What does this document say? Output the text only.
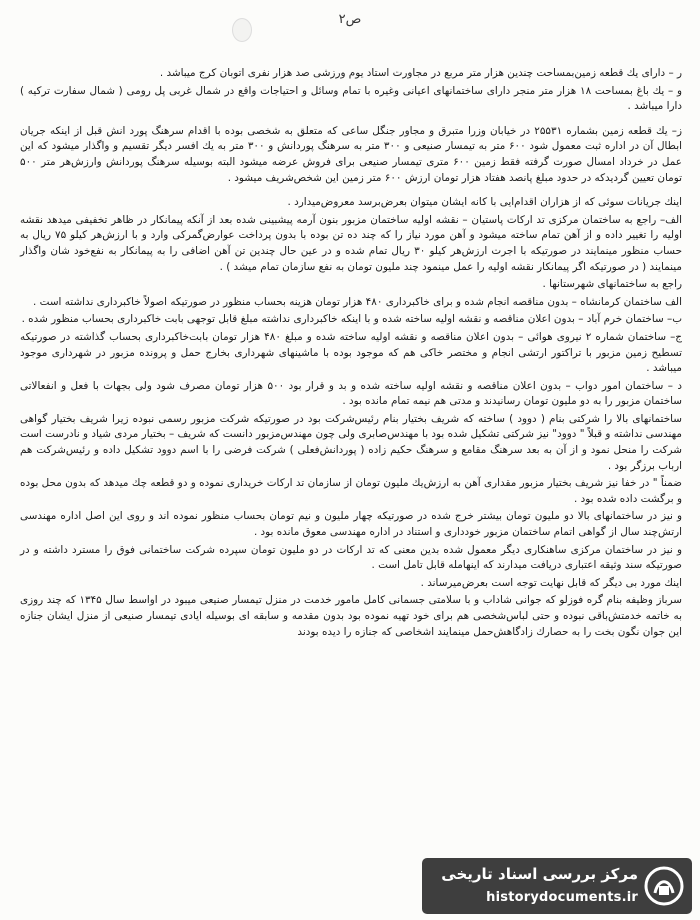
ص۲

ر – دارای یك قطعه زمین‌بمساحت چندین هزار متر مربع در مجاورت استاد یوم ورزشی صد هزار نفری اتوبان کرج میباشد .

و – یك باغ بمساحت ۱۸ هزار متر منجر دارای ساختمانهای اعیانی وغیره با تمام وسائل و احتیاجات واقع در شمال غربی پل رومی ( شمال سفارت ترکیه ) دارا میباشد .

ز– یك قطعه زمین بشماره ۲۵۵۳۱ در خیابان وزرا متبرق و مجاور جنگل ساعی که متعلق به شخصی بوده با اقدام سرهنگ پورد انش قبل از اینکه جریان ابطال آن در اداره ثبت معمول شود ۶۰۰ متر به تیمسار صنیعی و ۳۰۰ متر به سرهنگ پوردانش و ۳۰۰ متر به یك افسر دیگر تقسیم و واگذار میشود که این عمل در خرداد امسال صورت گرفته فقط زمین ۶۰۰ متری تیمسار صنیعی برای فروش عرضه میشود البته بوسیله سرهنگ پوردانش وارزش‌هر متر ۵۰۰ تومان تعیین گردید‌که در حدود مبلغ پانصد هفتاد هزار تومان ارزش ۶۰۰ متر زمین این شخص‌شریف میشود .

اینك جریانات سوئی که از هزاران اقدام‌ایی با کانه ایشان میتوان بعرض‌برسد معروض‌میدارد .

الف– راجع به ساختمان مرکزی تد ارکات پاستیان – نقشه اولیه ساختمان مزبور بنون آرمه پیشبینی شده بعد از آنکه پیمانکار در ظاهر تخفیفی میدهد نقشه اولیه را تغییر داده و از آهن تمام ساخته میشود و آهن مورد نیاز را که چند ده تن بوده با بدون پرداخت عوارض‌گمرکی وارد و با ارزش‌هر کیلو ۷۵ ریال به حساب منظور مینمایند در صورتیکه با اجرت ارزش‌هر کیلو ۳۰ ریال تمام شده و در عین حال چندین تن آهن اضافی را به پیمانکار به نفع‌خود شان واگذار مینمایند ( در صورتیکه اگر پیمانکار نقشه اولیه را عمل مینمود چند ملیون تومان به نفع سازمان تمام میشد ) .

راجع به ساختمانهای شهرستانها .

الف ساختمان کرمانشاه – بدون مناقصه انجام شده و برای خاکبرداری ۴۸۰ هزار تومان هزینه بحساب منظور در صورتیکه اصولاً خاکبرداری نداشته است .

ب– ساختمان خرم آباد – بدون اعلان مناقصه و نقشه اولیه ساخته شده و با اینکه خاکبرداری نداشته مبلغ قابل توجهی بابت خاکبرداری بحساب منظور شده .

ج– ساختمان شماره ۲ نیروی هوائی – بدون اعلان مناقصه و نقشه اولیه ساخته شده و مبلغ ۴۸۰ هزار تومان بابت‌خاکبرداری بحساب گذاشته در صورتیکه تسطیح زمین مزبور با تراکتور ارتشی انجام و مختصر خاکی هم که موجود بوده با ماشینهای شهرداری بخارج حمل و پرونده مزبور در شهرداری موجود میباشد .

د – ساختمان امور دواب – بدون اعلان مناقصه و نقشه اولیه ساخته شده و بد و قرار بود ۵۰۰ هزار تومان مصرف شود ولی بجهات با فعل و انفعالاتی ساختمان مزبور را به دو ملیون تومان رسانیدند و مدتی هم نیمه تمام مانده بود .

ساختمانهای بالا را شرکتی بنام ( دوود ) ساخته که شریف بختیار بنام رئیس‌شرکت بود در صورتیکه شرکت مزبور رسمی نبوده زیرا شریف بختیار گواهی مهندسی نداشته و قبلاً " دوود" نیز شرکتی تشکیل شده بود با مهندس‌صابری ولی چون مهندس‌مزبور دانست که شریف – بختیار مردی شیاد و نادرست است شرکت را منحل نمود و از آن به بعد سرهنگ مقامع و سرهنگ حکیم زاده ( پوردانش‌فعلی ) شرکت فرضی را با اسم دوود تشکیل داده و رئیس‌شرکت هم ارباب برزگر بود .

ضمناً " در خفا نیز شریف بختیار مزبور مقداری آهن به ارزش‌یك ملیون تومان از سازمان تد ارکات خریداری نموده و دو قطعه چك میدهد که بدون محل بوده و برگشت داده شده بود .

و نیز در ساختمانهای بالا دو ملیون تومان بیشتر خرج شده در صورتیکه چهار ملیون و نیم تومان بحساب منظور نموده اند و روی این اصل اداره مهندسی ارتش‌چند سال از گواهی اتمام ساختمان مزبور خودداری و استناد در اداره مهندسی معوق مانده بود .

و نیز در ساختمان مرکزی ساهنکاری دیگر معمول شده بدین معنی که تد ارکات در دو ملیون تومان سپرده شرکت ساختمانی فوق را مسترد داشته و در صورتیکه سند وثیقه اعتباری دریافت میدارند که اینهامله قابل تامل است .

اینك مورد بی دیگر که قابل نهایت توجه است بعرض‌میرساند .

سرباز وظیفه بنام گره فوزلو که جوانی شاداب و با سلامتی جسمانی کامل مامور خدمت در منزل تیمسار صنیعی میبود در اواسط سال ۱۳۴۵ که چند روزی به خاتمه خدمتش‌باقی نبوده و حتی لباس‌شخصی هم برای خود تهیه نموده بود بدون مقدمه و سابقه ای بوسیله ایادی تیمسار صنیعی از منزل ایشان جنازه این جوان نگون بخت را به حصارك زاد‌گاهش‌حمل مینمایند اشخاصی که جنازه را دیده بودند

مرکز بررسی اسناد تاریخی
historydocuments.ir
